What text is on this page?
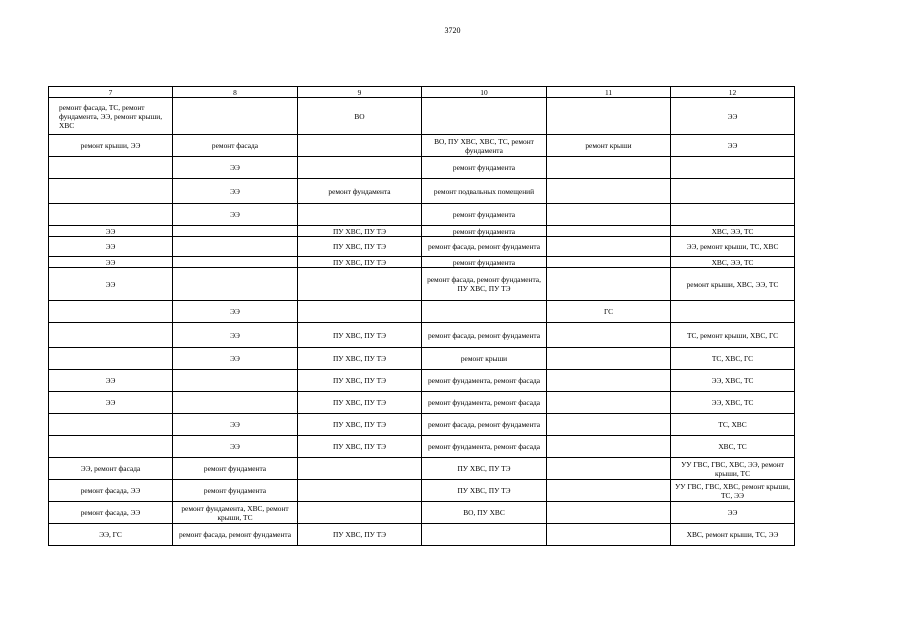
3720
7	8	9	10	11	12
ремонт фасада, ТС, ремонт фундамента, ЭЭ, ремонт крыши, ХВС		ВО			ЭЭ
ремонт крыши, ЭЭ	ремонт фасада		ВО, ПУ ХВС, ХВС, ТС, ремонт фундамента	ремонт крыши	ЭЭ
	ЭЭ		ремонт фундамента		
	ЭЭ	ремонт фундамента	ремонт подвальных помещений		
	ЭЭ		ремонт фундамента		
ЭЭ		ПУ ХВС, ПУ ТЭ	ремонт фундамента		ХВС, ЭЭ, ТС
ЭЭ		ПУ ХВС, ПУ ТЭ	ремонт фасада, ремонт фундамента		ЭЭ, ремонт крыши, ТС, ХВС
ЭЭ		ПУ ХВС, ПУ ТЭ	ремонт фундамента		ХВС, ЭЭ, ТС
ЭЭ			ремонт фасада, ремонт фундамента, ПУ ХВС, ПУ ТЭ		ремонт крыши, ХВС, ЭЭ, ТС
	ЭЭ			ГС	
	ЭЭ	ПУ ХВС, ПУ ТЭ	ремонт фасада, ремонт фундамента		ТС, ремонт крыши, ХВС, ГС
	ЭЭ	ПУ ХВС, ПУ ТЭ	ремонт крыши		ТС, ХВС, ГС
ЭЭ		ПУ ХВС, ПУ ТЭ	ремонт фундамента, ремонт фасада		ЭЭ, ХВС, ТС
ЭЭ		ПУ ХВС, ПУ ТЭ	ремонт фундамента, ремонт фасада		ЭЭ, ХВС, ТС
	ЭЭ	ПУ ХВС, ПУ ТЭ	ремонт фасада, ремонт фундамента		ТС, ХВС
	ЭЭ	ПУ ХВС, ПУ ТЭ	ремонт фундамента, ремонт фасада		ХВС, ТС
ЭЭ, ремонт фасада	ремонт фундамента		ПУ ХВС, ПУ ТЭ		УУ ГВС, ГВС, ХВС, ЭЭ, ремонт крыши, ТС
ремонт фасада, ЭЭ	ремонт фундамента		ПУ ХВС, ПУ ТЭ		УУ ГВС, ГВС, ХВС, ремонт крыши, ТС, ЭЭ
ремонт фасада, ЭЭ	ремонт фундамента, ХВС, ремонт крыши, ТС		ВО, ПУ ХВС		ЭЭ
ЭЭ, ГС	ремонт фасада, ремонт фундамента	ПУ ХВС, ПУ ТЭ			ХВС, ремонт крыши, ТС, ЭЭ
